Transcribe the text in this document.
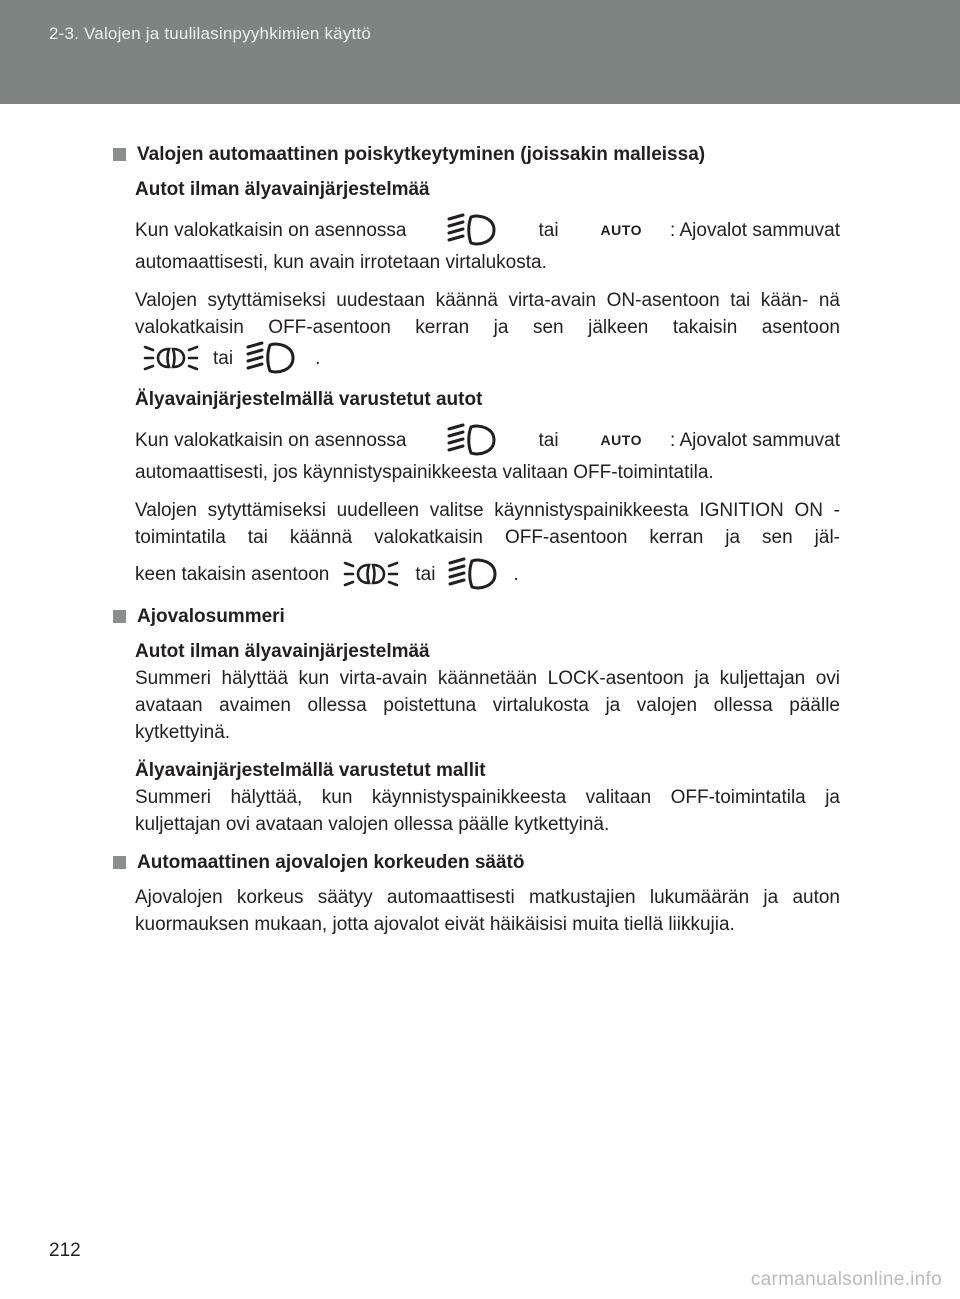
2-3. Valojen ja tuulilasinpyyhkimien käyttö
Valojen automaattinen poiskytkeytyminen (joissakin malleissa)
Autot ilman älyavainjärjestelmää
Kun valokatkaisin on asennossa	tai	AUTO : Ajovalot sammuvat

automaattisesti, kun avain irrotetaan virtalukosta.

Valojen sytyttämiseksi uudestaan käännä virta-avain ON-asentoon tai kään- nä valokatkaisin OFF-asentoon kerran ja sen jälkeen takaisin asentoon

tai	.
Älyavainjärjestelmällä varustetut autot
Kun valokatkaisin on asennossa	tai	AUTO : Ajovalot sammuvat

automaattisesti, jos käynnistyspainikkeesta valitaan OFF-toimintatila.

Valojen sytyttämiseksi uudelleen valitse käynnistyspainikkeesta IGNITION ON -toimintatila tai käännä valokatkaisin OFF-asentoon kerran ja sen jäl-

keen takaisin asentoon	tai	.
Ajovalosummeri
Autot ilman älyavainjärjestelmää

Summeri hälyttää kun virta-avain käännetään LOCK-asentoon ja kuljettajan ovi avataan avaimen ollessa poistettuna virtalukosta ja valojen ollessa päälle kytkettyinä.

Älyavainjärjestelmällä varustetut mallit

Summeri hälyttää, kun käynnistyspainikkeesta valitaan OFF-toimintatila ja kuljettajan ovi avataan valojen ollessa päälle kytkettyinä.

Automaattinen ajovalojen korkeuden säätö

Ajovalojen korkeus säätyy automaattisesti matkustajien lukumäärän ja auton kuormauksen mukaan, jotta ajovalot eivät häikäisisi muita tiellä liikkujia.

212
carmanualsonline.info
